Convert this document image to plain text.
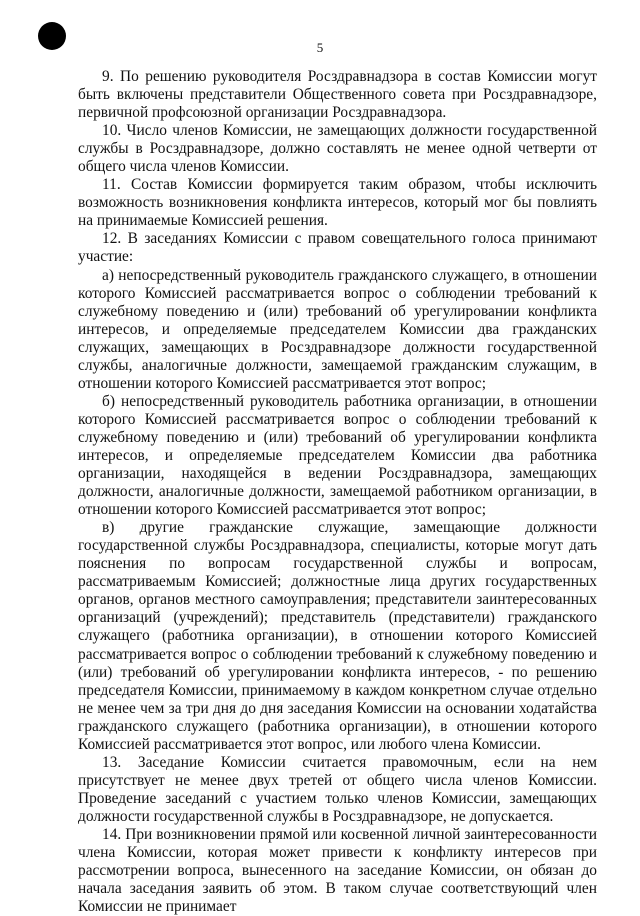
5

9. По решению руководителя Росздравнадзора в состав Комиссии могут быть включены представители Общественного совета при Росздравнадзоре, первичной профсоюзной организации Росздравнадзора.

10. Число членов Комиссии, не замещающих должности государственной службы в Росздравнадзоре, должно составлять не менее одной четверти от общего числа членов Комиссии.

11. Состав Комиссии формируется таким образом, чтобы исключить возможность возникновения конфликта интересов, который мог бы повлиять на принимаемые Комиссией решения.

12. В заседаниях Комиссии с правом совещательного голоса принимают участие:

а) непосредственный руководитель гражданского служащего, в отношении которого Комиссией рассматривается вопрос о соблюдении требований к служебному поведению и (или) требований об урегулировании конфликта интересов, и определяемые председателем Комиссии два гражданских служащих, замещающих в Росздравнадзоре должности государственной службы, аналогичные должности, замещаемой гражданским служащим, в отношении которого Комиссией рассматривается этот вопрос;

б) непосредственный руководитель работника организации, в отношении которого Комиссией рассматривается вопрос о соблюдении требований к служебному поведению и (или) требований об урегулировании конфликта интересов, и определяемые председателем Комиссии два работника организации, находящейся в ведении Росздравнадзора, замещающих должности, аналогичные должности, замещаемой работником организации, в отношении которого Комиссией рассматривается этот вопрос;

в) другие гражданские служащие, замещающие должности государственной службы Росздравнадзора, специалисты, которые могут дать пояснения по вопросам государственной службы и вопросам, рассматриваемым Комиссией; должностные лица других государственных органов, органов местного самоуправления; представители заинтересованных организаций (учреждений); представитель (представители) гражданского служащего (работника организации), в отношении которого Комиссией рассматривается вопрос о соблюдении требований к служебному поведению и (или) требований об урегулировании конфликта интересов, - по решению председателя Комиссии, принимаемому в каждом конкретном случае отдельно не менее чем за три дня до дня заседания Комиссии на основании ходатайства гражданского служащего (работника организации), в отношении которого Комиссией рассматривается этот вопрос, или любого члена Комиссии.

13. Заседание Комиссии считается правомочным, если на нем присутствует не менее двух третей от общего числа членов Комиссии. Проведение заседаний с участием только членов Комиссии, замещающих должности государственной службы в Росздравнадзоре, не допускается.

14. При возникновении прямой или косвенной личной заинтересованности члена Комиссии, которая может привести к конфликту интересов при рассмотрении вопроса, вынесенного на заседание Комиссии, он обязан до начала заседания заявить об этом. В таком случае соответствующий член Комиссии не принимает
